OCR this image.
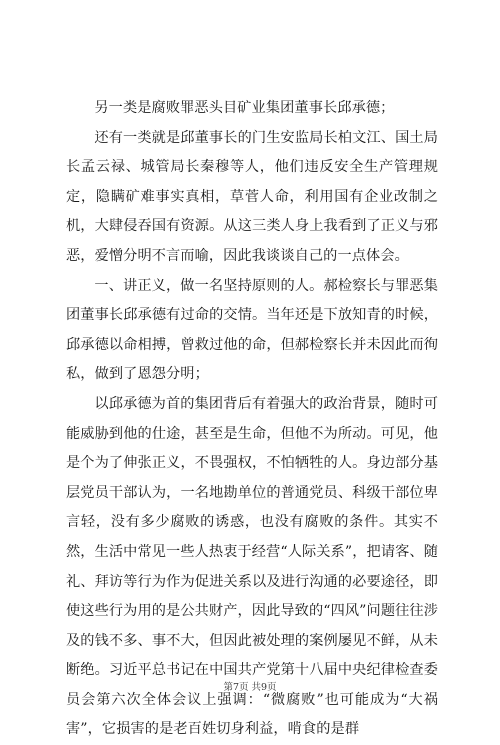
另一类是腐败罪恶头目矿业集团董事长邱承德；

还有一类就是邱董事长的门生安监局长柏文江、国土局长孟云禄、城管局长秦穆等人，他们违反安全生产管理规定，隐瞒矿难事实真相，草菅人命，利用国有企业改制之机，大肆侵吞国有资源。从这三类人身上我看到了正义与邪恶，爱憎分明不言而喻，因此我谈谈自己的一点体会。

一、讲正义，做一名坚持原则的人。郝检察长与罪恶集团董事长邱承德有过命的交情。当年还是下放知青的时候，邱承德以命相搏，曾救过他的命，但郝检察长并未因此而徇私，做到了恩怨分明；

以邱承德为首的集团背后有着强大的政治背景，随时可能威胁到他的仕途，甚至是生命，但他不为所动。可见，他是个为了伸张正义，不畏强权，不怕牺牲的人。身边部分基层党员干部认为，一名地勘单位的普通党员、科级干部位卑言轻，没有多少腐败的诱惑，也没有腐败的条件。其实不然，生活中常见一些人热衷于经营“人际关系”，把请客、随礼、拜访等行为作为促进关系以及进行沟通的必要途径，即使这些行为用的是公共财产，因此导致的“四风”问题往往涉及的钱不多、事不大，但因此被处理的案例屡见不鲜，从未断绝。习近平总书记在中国共产党第十八届中央纪律检查委员会第六次全体会议上强调：“微腐败”也可能成为“大祸害”，它损害的是老百姓切身利益，啃食的是群

第7页 共9页
